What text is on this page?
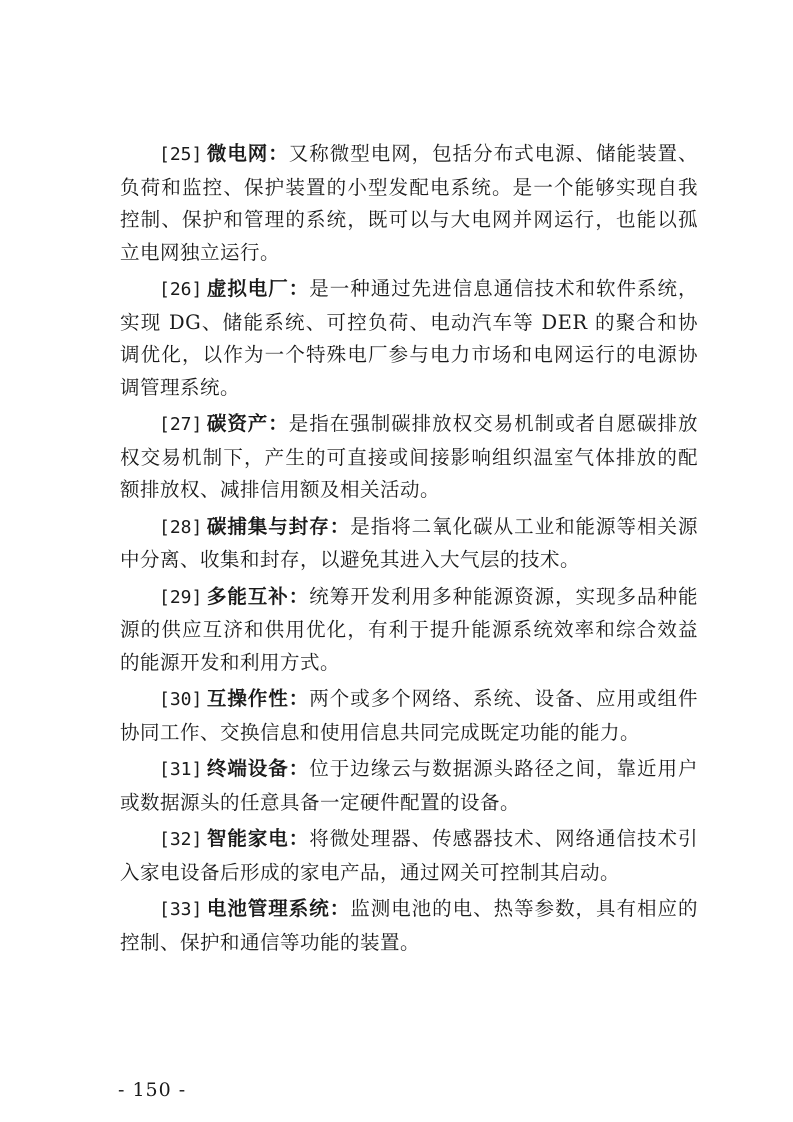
[25] 微电网：又称微型电网，包括分布式电源、储能装置、负荷和监控、保护装置的小型发配电系统。是一个能够实现自我控制、保护和管理的系统，既可以与大电网并网运行，也能以孤立电网独立运行。

[26] 虚拟电厂：是一种通过先进信息通信技术和软件系统，实现 DG、储能系统、可控负荷、电动汽车等 DER 的聚合和协调优化，以作为一个特殊电厂参与电力市场和电网运行的电源协调管理系统。

[27] 碳资产：是指在强制碳排放权交易机制或者自愿碳排放权交易机制下，产生的可直接或间接影响组织温室气体排放的配额排放权、减排信用额及相关活动。

[28] 碳捕集与封存：是指将二氧化碳从工业和能源等相关源中分离、收集和封存，以避免其进入大气层的技术。

[29] 多能互补：统筹开发利用多种能源资源，实现多品种能源的供应互济和供用优化，有利于提升能源系统效率和综合效益的能源开发和利用方式。

[30] 互操作性：两个或多个网络、系统、设备、应用或组件协同工作、交换信息和使用信息共同完成既定功能的能力。

[31] 终端设备：位于边缘云与数据源头路径之间，靠近用户或数据源头的任意具备一定硬件配置的设备。

[32] 智能家电：将微处理器、传感器技术、网络通信技术引入家电设备后形成的家电产品，通过网关可控制其启动。

[33] 电池管理系统：监测电池的电、热等参数，具有相应的控制、保护和通信等功能的装置。

- 150 -
